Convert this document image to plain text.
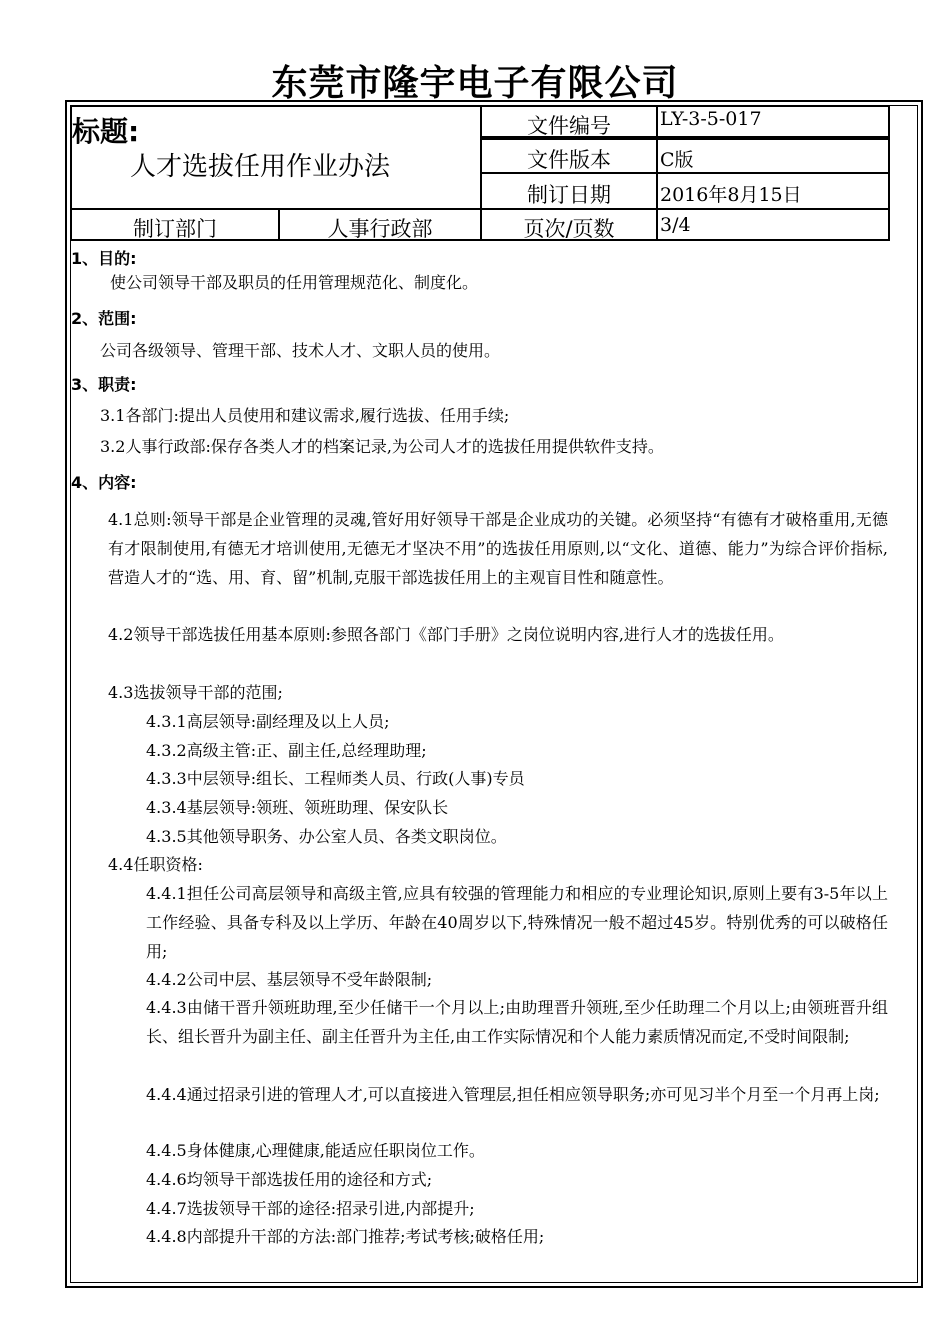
东莞市隆宇电子有限公司
标题:
人才选拔任用作业办法
文件编号	LY-3-5-017
文件版本	C版
制订日期	2016年8月15日
制订部门	人事行政部	页次/页数	3/4
1、目的:
使公司领导干部及职员的任用管理规范化、制度化。
2、范围:
公司各级领导、管理干部、技术人才、文职人员的使用。
3、职责:
3.1各部门:提出人员使用和建议需求,履行选拔、任用手续;
3.2人事行政部:保存各类人才的档案记录,为公司人才的选拔任用提供软件支持。
4、内容:
4.1总则:领导干部是企业管理的灵魂,管好用好领导干部是企业成功的关键。必须坚持“有德有才破格重用,无德有才限制使用,有德无才培训使用,无德无才坚决不用”的选拔任用原则,以“文化、道德、能力”为综合评价指标,营造人才的“选、用、育、留”机制,克服干部选拔任用上的主观盲目性和随意性。
4.2领导干部选拔任用基本原则:参照各部门《部门手册》之岗位说明内容,进行人才的选拔任用。
4.3选拔领导干部的范围;
4.3.1高层领导:副经理及以上人员;
4.3.2高级主管:正、副主任,总经理助理;
4.3.3中层领导:组长、工程师类人员、行政(人事)专员
4.3.4基层领导:领班、领班助理、保安队长
4.3.5其他领导职务、办公室人员、各类文职岗位。
4.4任职资格:
4.4.1担任公司高层领导和高级主管,应具有较强的管理能力和相应的专业理论知识,原则上要有3-5年以上工作经验、具备专科及以上学历、年龄在40周岁以下,特殊情况一般不超过45岁。特别优秀的可以破格任用;
4.4.2公司中层、基层领导不受年龄限制;
4.4.3由储干晋升领班助理,至少任储干一个月以上;由助理晋升领班,至少任助理二个月以上;由领班晋升组长、组长晋升为副主任、副主任晋升为主任,由工作实际情况和个人能力素质情况而定,不受时间限制;
4.4.4通过招录引进的管理人才,可以直接进入管理层,担任相应领导职务;亦可见习半个月至一个月再上岗;
4.4.5身体健康,心理健康,能适应任职岗位工作。
4.4.6均领导干部选拔任用的途径和方式;
4.4.7选拔领导干部的途径:招录引进,内部提升;
4.4.8内部提升干部的方法:部门推荐;考试考核;破格任用;
